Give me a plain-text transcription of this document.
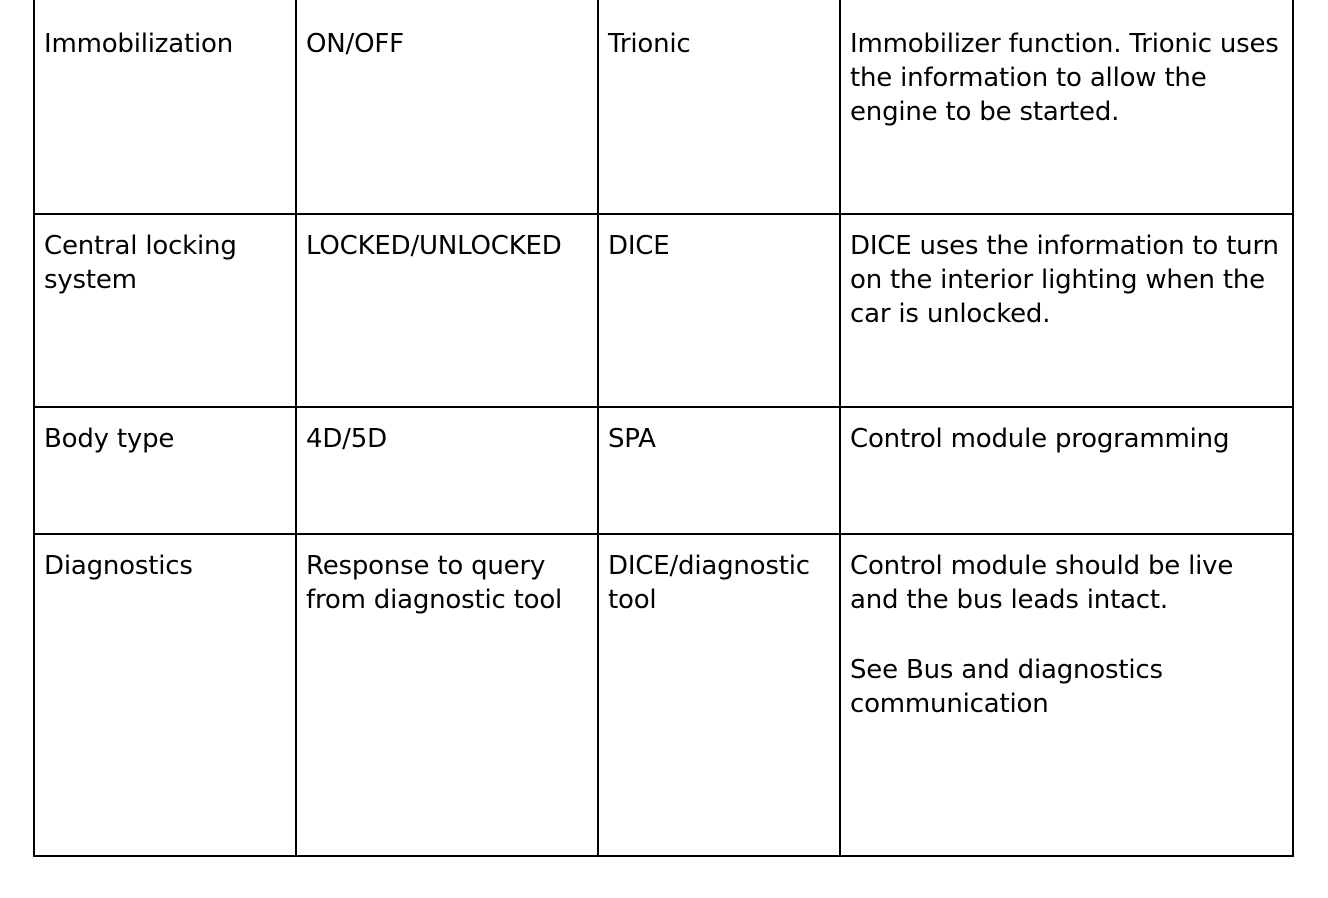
Immobilization	ON/OFF	Trionic	Immobilizer function. Trionic uses the information to allow the engine to be started.

Central locking system	LOCKED/UNLOCKED	DICE	DICE uses the information to turn on the interior lighting when the car is unlocked.

Body type	4D/5D	SPA	Control module programming

Diagnostics	Response to query from diagnostic tool	DICE/diagnostic tool	Control module should be live and the bus leads intact.
See Bus and diagnostics communication
